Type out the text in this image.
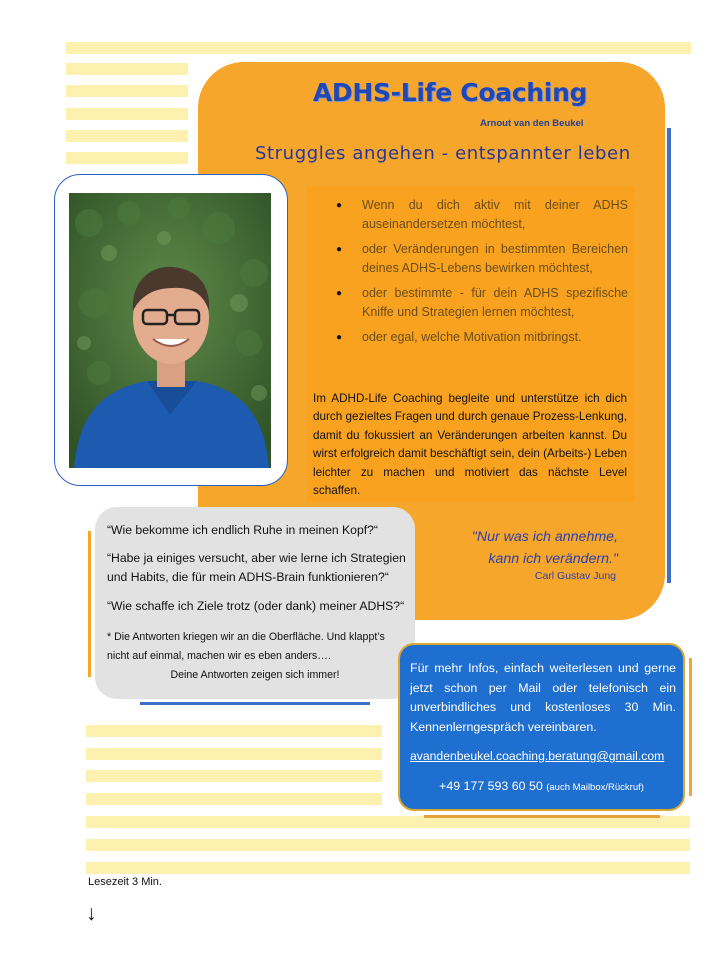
ADHS-Life Coaching
Arnout van den Beukel
Struggles angehen - entspannter leben
● Wenn du dich aktiv mit deiner ADHS auseinandersetzen möchtest,
● oder Veränderungen in bestimmten Bereichen deines ADHS-Lebens bewirken möchtest,
● oder bestimmte - für dein ADHS spezifische Kniffe und Strategien lernen möchtest,
● oder egal, welche Motivation mitbringst.

Im ADHD-Life Coaching begleite und unterstütze ich dich durch gezieltes Fragen und durch genaue Prozess-Lenkung, damit du fokussiert an Veränderungen arbeiten kannst. Du wirst erfolgreich damit beschäftigt sein, dein (Arbeits-) Leben leichter zu machen und motiviert das nächste Level schaffen.

“Wie bekomme ich endlich Ruhe in meinen Kopf?“

“Habe ja einiges versucht, aber wie lerne ich Strategien und Habits, die für mein ADHS-Brain funktionieren?“

“Wie schaffe ich Ziele trotz (oder dank) meiner ADHS?“

* Die Antworten kriegen wir an die Oberfläche. Und klappt’s nicht auf einmal, machen wir es eben anders….

Deine Antworten zeigen sich immer!

"Nur was ich annehme,
kann ich verändern."

Carl Gustav Jung

Für mehr Infos, einfach weiterlesen und gerne jetzt schon per Mail oder telefonisch ein unverbindliches und kostenloses 30 Min. Kennenlerngespräch vereinbaren.

avandenbeukel.coaching.beratung@gmail.com
+49 177 593 60 50 (auch Mailbox/Rückruf)
Lesezeit 3 Min.
↓
